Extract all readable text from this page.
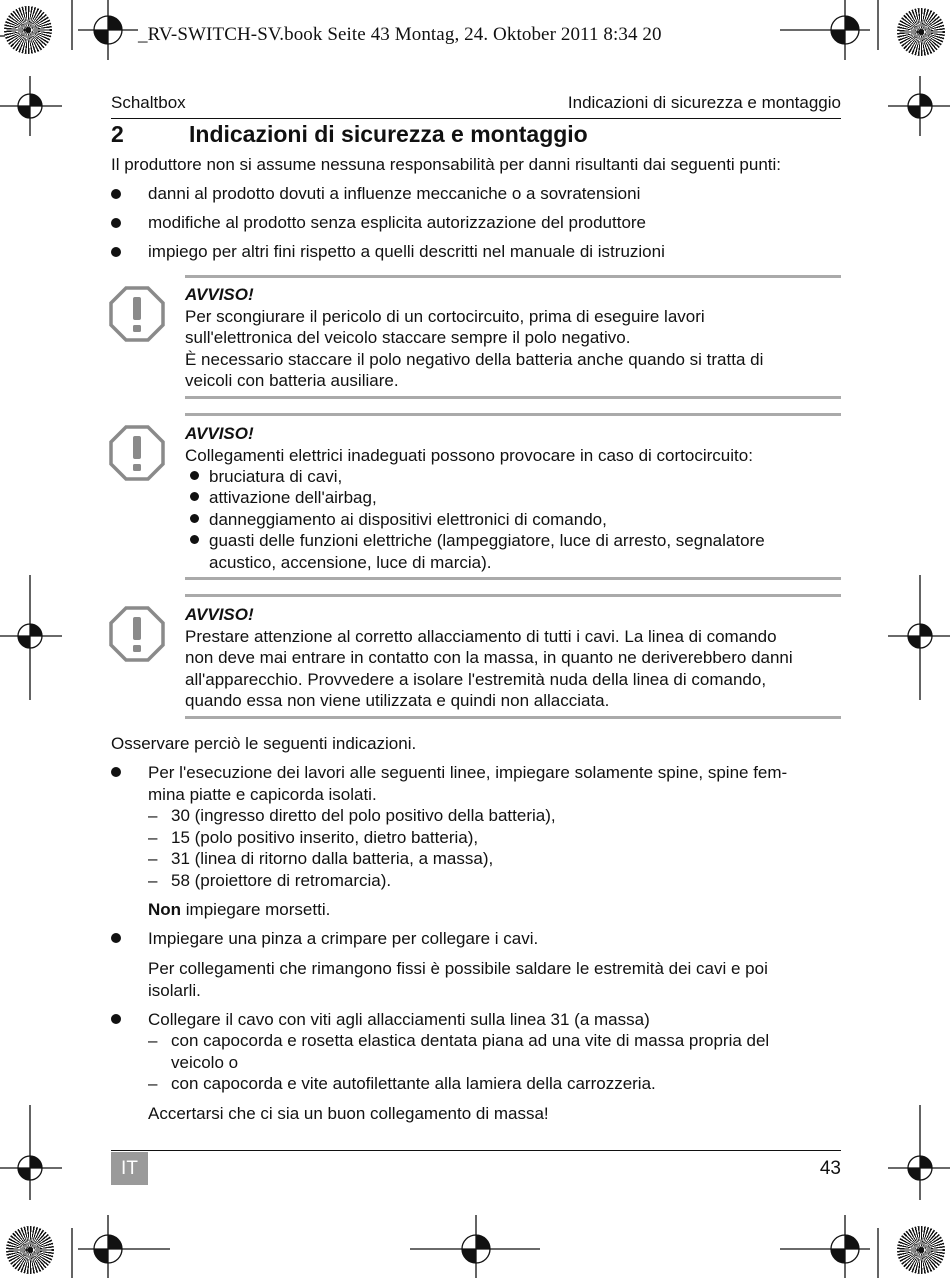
_RV-SWITCH-SV.book Seite 43 Montag, 24. Oktober 2011 8:34 20
Schaltbox	Indicazioni di sicurezza e montaggio
2	Indicazioni di sicurezza e montaggio
Il produttore non si assume nessuna responsabilità per danni risultanti dai seguenti punti:
danni al prodotto dovuti a influenze meccaniche o a sovratensioni
modifiche al prodotto senza esplicita autorizzazione del produttore
impiego per altri fini rispetto a quelli descritti nel manuale di istruzioni
AVVISO!
Per scongiurare il pericolo di un cortocircuito, prima di eseguire lavori
sull'elettronica del veicolo staccare sempre il polo negativo.
È necessario staccare il polo negativo della batteria anche quando si tratta di
veicoli con batteria ausiliare.
AVVISO!
Collegamenti elettrici inadeguati possono provocare in caso di cortocircuito:
bruciatura di cavi,
attivazione dell'airbag,
danneggiamento ai dispositivi elettronici di comando,
guasti delle funzioni elettriche (lampeggiatore, luce di arresto, segnalatore
acustico, accensione, luce di marcia).
AVVISO!
Prestare attenzione al corretto allacciamento di tutti i cavi. La linea di comando
non deve mai entrare in contatto con la massa, in quanto ne deriverebbero danni
all'apparecchio. Provvedere a isolare l'estremità nuda della linea di comando,
quando essa non viene utilizzata e quindi non allacciata.
Osservare perciò le seguenti indicazioni.
Per l'esecuzione dei lavori alle seguenti linee, impiegare solamente spine, spine fem-
mina piatte e capicorda isolati.
– 30 (ingresso diretto del polo positivo della batteria),
– 15 (polo positivo inserito, dietro batteria),
– 31 (linea di ritorno dalla batteria, a massa),
– 58 (proiettore di retromarcia).
Non impiegare morsetti.
Impiegare una pinza a crimpare per collegare i cavi.
Per collegamenti che rimangono fissi è possibile saldare le estremità dei cavi e poi
isolarli.
Collegare il cavo con viti agli allacciamenti sulla linea 31 (a massa)
– con capocorda e rosetta elastica dentata piana ad una vite di massa propria del
veicolo o
– con capocorda e vite autofilettante alla lamiera della carrozzeria.
Accertarsi che ci sia un buon collegamento di massa!
IT	43
